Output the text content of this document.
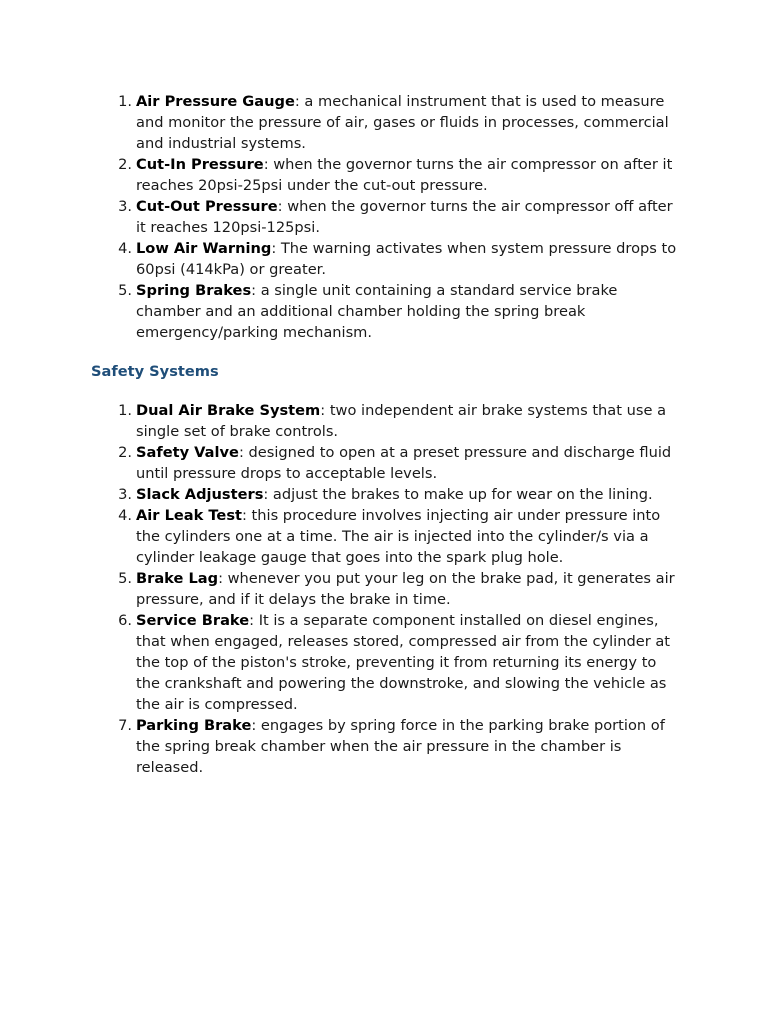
1. Air Pressure Gauge: a mechanical instrument that is used to measure and monitor the pressure of air, gases or fluids in processes, commercial and industrial systems.
2. Cut-In Pressure: when the governor turns the air compressor on after it reaches 20psi-25psi under the cut-out pressure.
3. Cut-Out Pressure: when the governor turns the air compressor off after it reaches 120psi-125psi.
4. Low Air Warning: The warning activates when system pressure drops to 60psi (414kPa) or greater.
5. Spring Brakes: a single unit containing a standard service brake chamber and an additional chamber holding the spring break emergency/parking mechanism.
Safety Systems
1. Dual Air Brake System: two independent air brake systems that use a single set of brake controls.
2. Safety Valve: designed to open at a preset pressure and discharge fluid until pressure drops to acceptable levels.
3. Slack Adjusters: adjust the brakes to make up for wear on the lining.
4. Air Leak Test: this procedure involves injecting air under pressure into the cylinders one at a time. The air is injected into the cylinder/s via a cylinder leakage gauge that goes into the spark plug hole.
5. Brake Lag: whenever you put your leg on the brake pad, it generates air pressure, and if it delays the brake in time.
6. Service Brake: It is a separate component installed on diesel engines, that when engaged, releases stored, compressed air from the cylinder at the top of the piston's stroke, preventing it from returning its energy to the crankshaft and powering the downstroke, and slowing the vehicle as the air is compressed.
7. Parking Brake: engages by spring force in the parking brake portion of the spring break chamber when the air pressure in the chamber is released.
